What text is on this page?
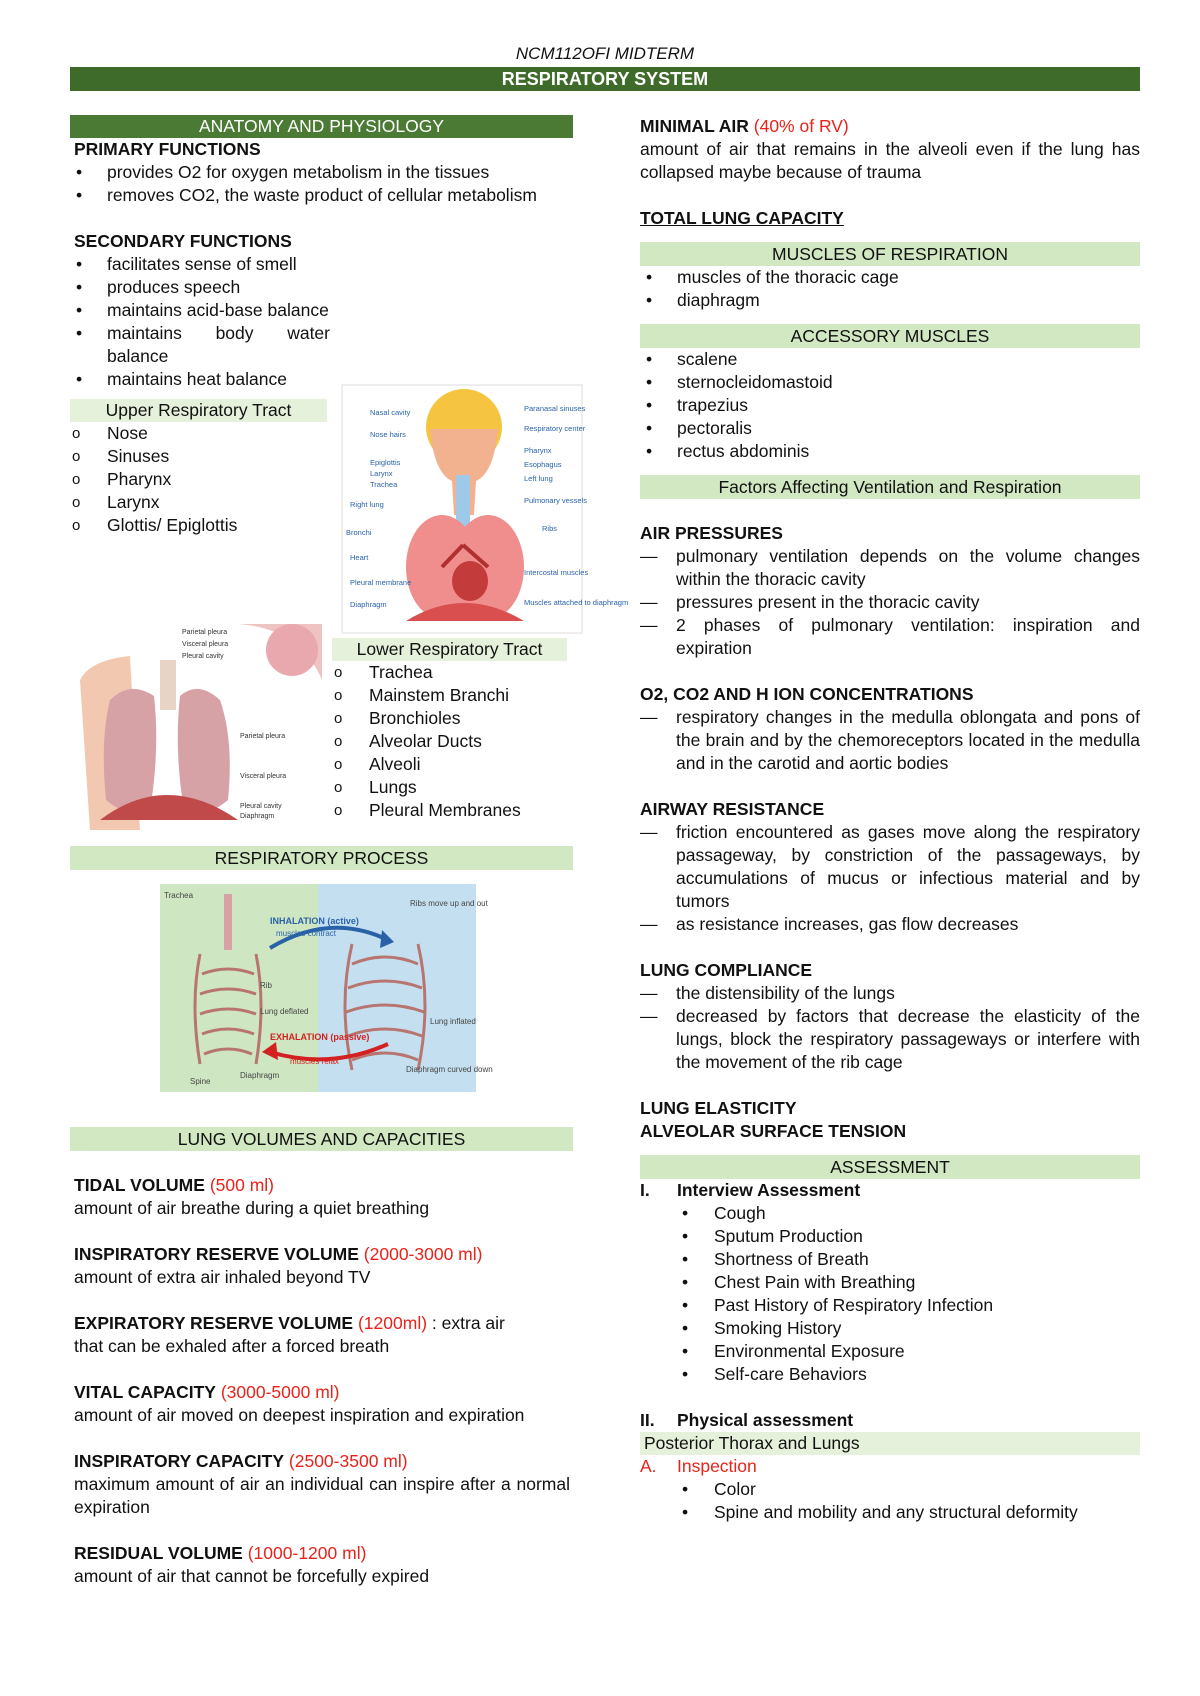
NCM112OFI MIDTERM
RESPIRATORY SYSTEM
ANATOMY AND PHYSIOLOGY
PRIMARY FUNCTIONS
• provides O2 for oxygen metabolism in the tissues
• removes CO2, the waste product of cellular metabolism
SECONDARY FUNCTIONS
• facilitates sense of smell
• produces speech
• maintains acid-base balance
• maintains body water balance
• maintains heat balance
Upper Respiratory Tract
o Nose
o Sinuses
o Pharynx
o Larynx
o Glottis/ Epiglottis
Nasal cavity
Nose hairs
Epiglottis
Larynx
Trachea
Right lung
Bronchi
Heart
Pleural membrane
Diaphragm
Paranasal sinuses
Respiratory center
Pharynx
Esophagus
Left lung
Pulmonary vessels
Ribs
Intercostal muscles
Muscles attached to diaphragm
Parietal pleura
Visceral pleura
Pleural cavity
Parietal pleura
Visceral pleura
Pleural cavity
Diaphragm
Lower Respiratory Tract
o Trachea
o Mainstem Branchi
o Bronchioles
o Alveolar Ducts
o Alveoli
o Lungs
o Pleural Membranes
RESPIRATORY PROCESS
Trachea
INHALATION (active)
muscles contract
Rib
Lung deflated
Ribs move up and out
Lung inflated
EXHALATION (passive)
muscles relax
Diaphragm
Spine
Diaphragm curved down
LUNG VOLUMES AND CAPACITIES
TIDAL VOLUME (500 ml)
amount of air breathe during a quiet breathing
INSPIRATORY RESERVE VOLUME (2000-3000 ml)
amount of extra air inhaled beyond TV
EXPIRATORY RESERVE VOLUME (1200ml) : extra air
that can be exhaled after a forced breath
VITAL CAPACITY (3000-5000 ml)
amount of air moved on deepest inspiration and expiration
INSPIRATORY CAPACITY (2500-3500 ml)
maximum amount of air an individual can inspire after a normal expiration
RESIDUAL VOLUME (1000-1200 ml)
amount of air that cannot be forcefully expired
MINIMAL AIR (40% of RV)
amount of air that remains in the alveoli even if the lung has collapsed maybe because of trauma
TOTAL LUNG CAPACITY
MUSCLES OF RESPIRATION
• muscles of the thoracic cage
• diaphragm
ACCESSORY MUSCLES
• scalene
• sternocleidomastoid
• trapezius
• pectoralis
• rectus abdominis
Factors Affecting Ventilation and Respiration
AIR PRESSURES
— pulmonary ventilation depends on the volume changes within the thoracic cavity
— pressures present in the thoracic cavity
— 2 phases of pulmonary ventilation: inspiration and expiration
O2, CO2 AND H ION CONCENTRATIONS
— respiratory changes in the medulla oblongata and pons of the brain and by the chemoreceptors located in the medulla and in the carotid and aortic bodies
AIRWAY RESISTANCE
— friction encountered as gases move along the respiratory passageway, by constriction of the passageways, by accumulations of mucus or infectious material and by tumors
— as resistance increases, gas flow decreases
LUNG COMPLIANCE
— the distensibility of the lungs
— decreased by factors that decrease the elasticity of the lungs, block the respiratory passageways or interfere with the movement of the rib cage
LUNG ELASTICITY
ALVEOLAR SURFACE TENSION
ASSESSMENT
I. Interview Assessment
• Cough
• Sputum Production
• Shortness of Breath
• Chest Pain with Breathing
• Past History of Respiratory Infection
• Smoking History
• Environmental Exposure
• Self-care Behaviors
II. Physical assessment
Posterior Thorax and Lungs
A. Inspection
• Color
• Spine and mobility and any structural deformity
